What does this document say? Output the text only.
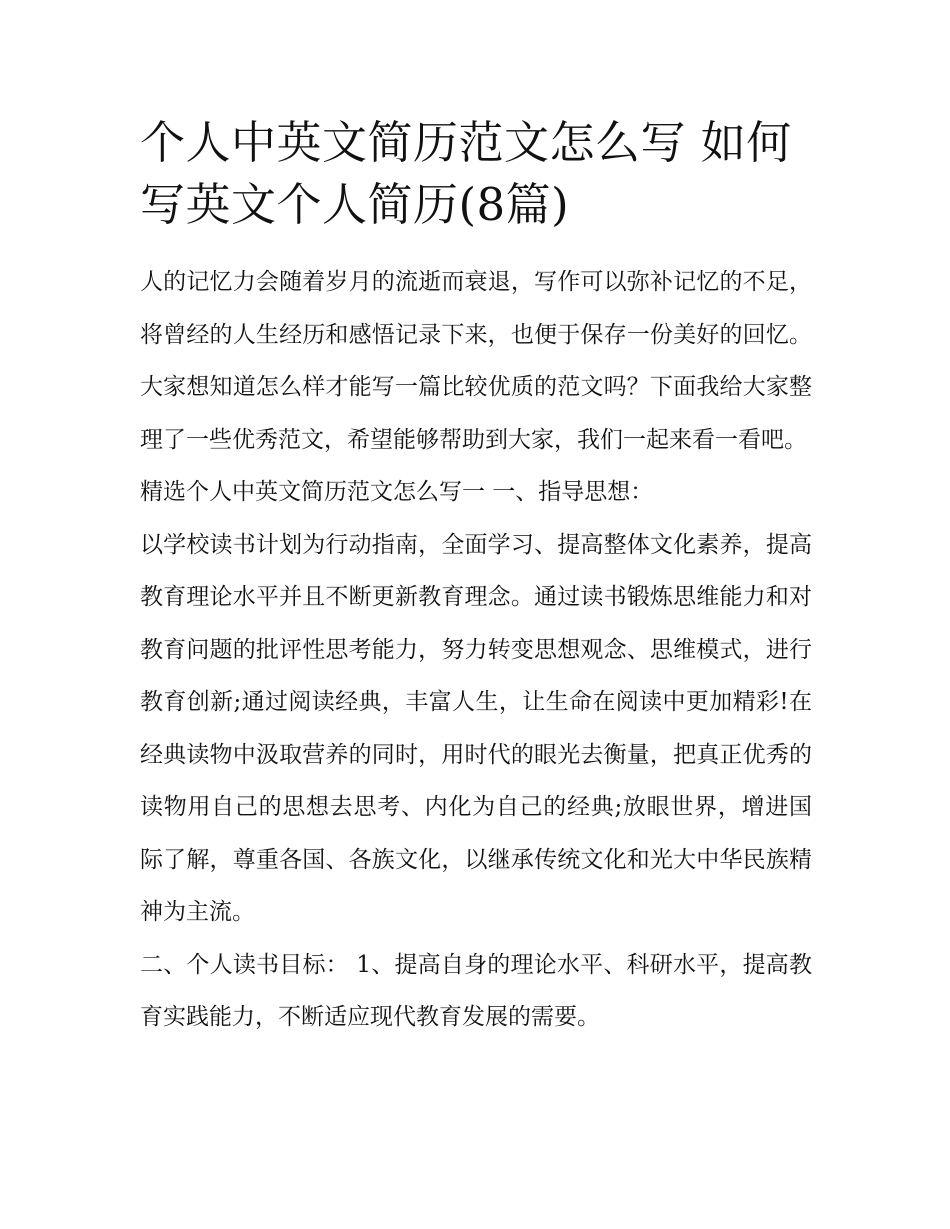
个人中英文简历范文怎么写 如何写英文个人简历(8篇)

人的记忆力会随着岁月的流逝而衰退，写作可以弥补记忆的不足，将曾经的人生经历和感悟记录下来，也便于保存一份美好的回忆。大家想知道怎么样才能写一篇比较优质的范文吗？下面我给大家整理了一些优秀范文，希望能够帮助到大家，我们一起来看一看吧。

精选个人中英文简历范文怎么写一 一、指导思想：

以学校读书计划为行动指南，全面学习、提高整体文化素养，提高教育理论水平并且不断更新教育理念。通过读书锻炼思维能力和对教育问题的批评性思考能力，努力转变思想观念、思维模式，进行教育创新;通过阅读经典，丰富人生，让生命在阅读中更加精彩!在经典读物中汲取营养的同时，用时代的眼光去衡量，把真正优秀的读物用自己的思想去思考、内化为自己的经典;放眼世界，增进国际了解，尊重各国、各族文化，以继承传统文化和光大中华民族精神为主流。

二、个人读书目标： 1、提高自身的理论水平、科研水平，提高教育实践能力，不断适应现代教育发展的需要。
